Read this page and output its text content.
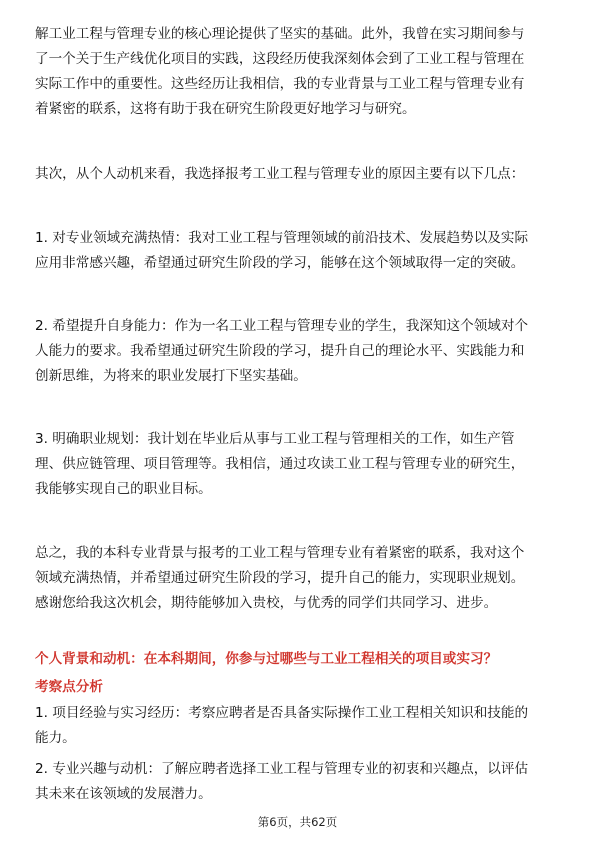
解工业工程与管理专业的核心理论提供了坚实的基础。此外，我曾在实习期间参与
了一个关于生产线优化项目的实践，这段经历使我深刻体会到了工业工程与管理在
实际工作中的重要性。这些经历让我相信，我的专业背景与工业工程与管理专业有
着紧密的联系，这将有助于我在研究生阶段更好地学习与研究。
其次，从个人动机来看，我选择报考工业工程与管理专业的原因主要有以下几点：
1. 对专业领域充满热情：我对工业工程与管理领域的前沿技术、发展趋势以及实际
应用非常感兴趣，希望通过研究生阶段的学习，能够在这个领域取得一定的突破。
2. 希望提升自身能力：作为一名工业工程与管理专业的学生，我深知这个领域对个
人能力的要求。我希望通过研究生阶段的学习，提升自己的理论水平、实践能力和
创新思维，为将来的职业发展打下坚实基础。
3. 明确职业规划：我计划在毕业后从事与工业工程与管理相关的工作，如生产管
理、供应链管理、项目管理等。我相信，通过攻读工业工程与管理专业的研究生，
我能够实现自己的职业目标。
总之，我的本科专业背景与报考的工业工程与管理专业有着紧密的联系，我对这个
领域充满热情，并希望通过研究生阶段的学习，提升自己的能力，实现职业规划。
感谢您给我这次机会，期待能够加入贵校，与优秀的同学们共同学习、进步。
个人背景和动机：在本科期间，你参与过哪些与工业工程相关的项目或实习？
考察点分析
1. 项目经验与实习经历：考察应聘者是否具备实际操作工业工程相关知识和技能的
能力。
2. 专业兴趣与动机：了解应聘者选择工业工程与管理专业的初衷和兴趣点，以评估
其未来在该领域的发展潜力。
第6页，共62页
